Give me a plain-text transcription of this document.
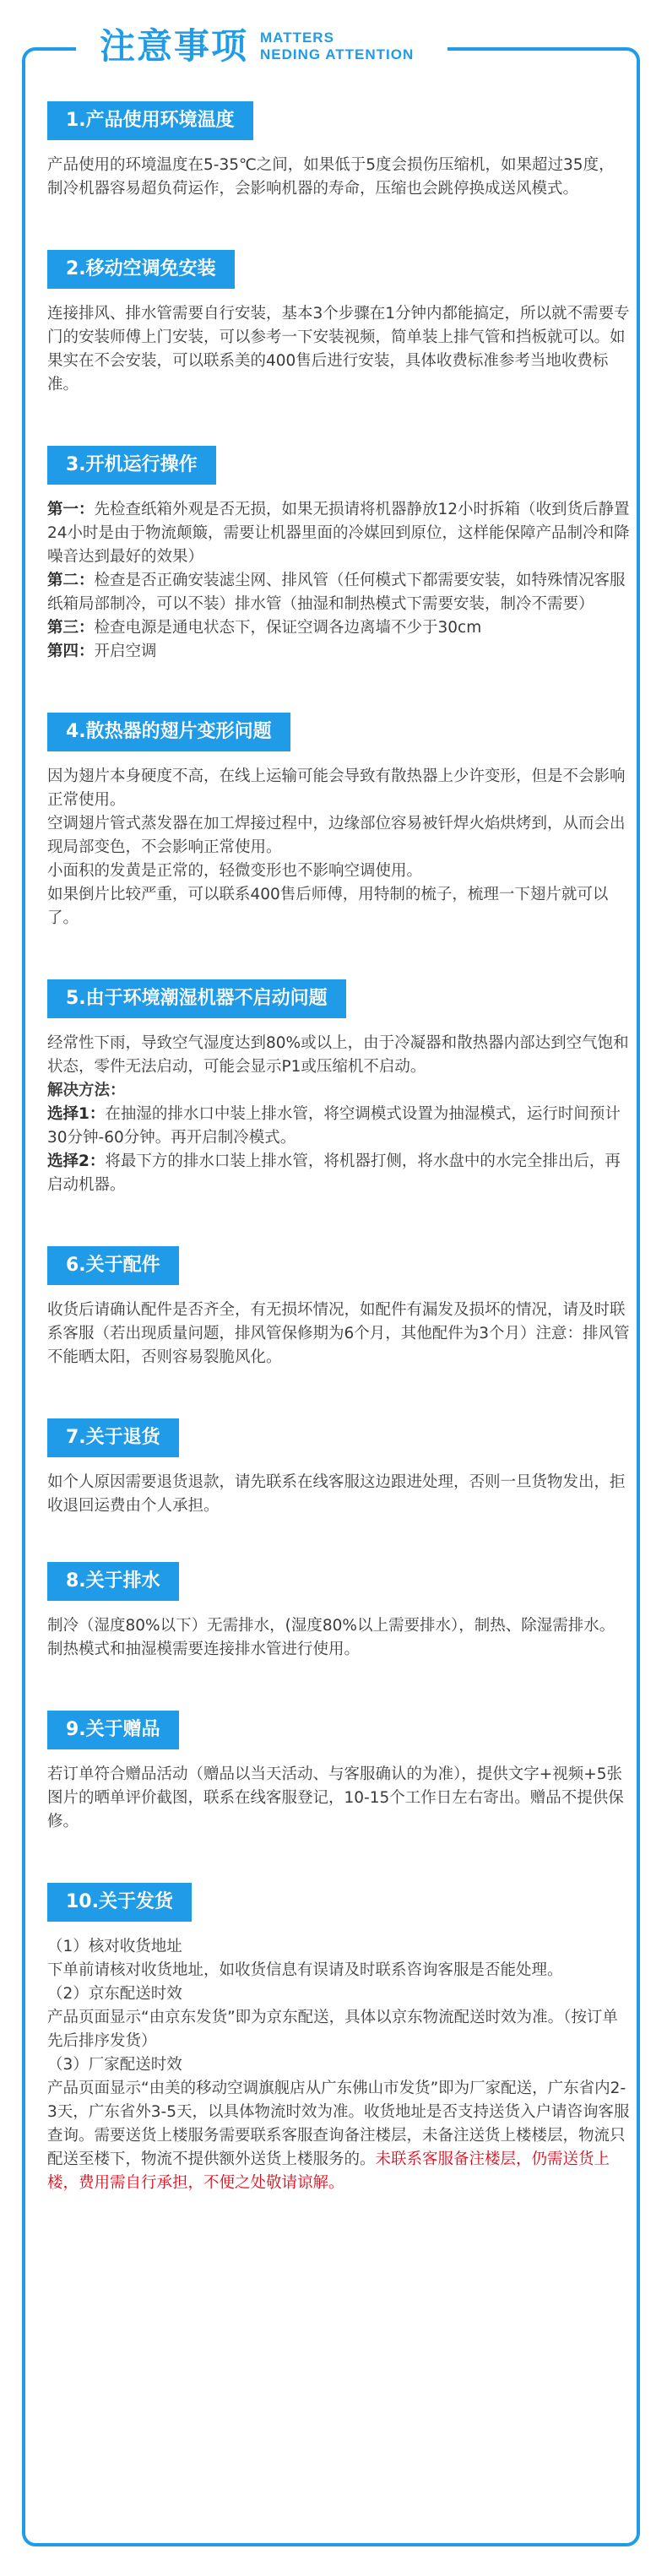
注意事项 MATTERS
NEDING ATTENTION
1.产品使用环境温度

产品使用的环境温度在5-35℃之间，如果低于5度会损伤压缩机，如果超过35度，制冷机器容易超负荷运作，会影响机器的寿命，压缩也会跳停换成送风模式。

2.移动空调免安装

连接排风、排水管需要自行安装，基本3个步骤在1分钟内都能搞定，所以就不需要专门的安装师傅上门安装，可以参考一下安装视频，简单装上排气管和挡板就可以。如果实在不会安装，可以联系美的400售后进行安装，具体收费标准参考当地收费标准。

3.开机运行操作

第一：先检查纸箱外观是否无损，如果无损请将机器静放12小时拆箱（收到货后静置24小时是由于物流颠簸，需要让机器里面的冷媒回到原位，这样能保障产品制冷和降噪音达到最好的效果）

第二：检查是否正确安装滤尘网、排风管（任何模式下都需要安装，如特殊情况客服纸箱局部制冷，可以不装）排水管（抽湿和制热模式下需要安装，制冷不需要）

第三：检查电源是通电状态下，保证空调各边离墙不少于30cm

第四：开启空调

4.散热器的翅片变形问题

因为翅片本身硬度不高，在线上运输可能会导致有散热器上少许变形，但是不会影响正常使用。

空调翅片管式蒸发器在加工焊接过程中，边缘部位容易被钎焊火焰烘烤到，从而会出现局部变色，不会影响正常使用。

小面积的发黄是正常的，轻微变形也不影响空调使用。

如果倒片比较严重，可以联系400售后师傅，用特制的梳子，梳理一下翅片就可以了。

5.由于环境潮湿机器不启动问题

经常性下雨，导致空气湿度达到80%或以上，由于冷凝器和散热器内部达到空气饱和状态，零件无法启动，可能会显示P1或压缩机不启动。

解决方法：

选择1：在抽湿的排水口中装上排水管，将空调模式设置为抽湿模式，运行时间预计30分钟-60分钟。再开启制冷模式。

选择2：将最下方的排水口装上排水管，将机器打侧，将水盘中的水完全排出后，再启动机器。

6.关于配件

收货后请确认配件是否齐全，有无损坏情况，如配件有漏发及损坏的情况，请及时联系客服（若出现质量问题，排风管保修期为6个月，其他配件为3个月）注意：排风管不能晒太阳，否则容易裂脆风化。

7.关于退货

如个人原因需要退货退款，请先联系在线客服这边跟进处理，否则一旦货物发出，拒收退回运费由个人承担。

8.关于排水

制冷（湿度80%以下）无需排水，(湿度80%以上需要排水），制热、除湿需排水。制热模式和抽湿模需要连接排水管进行使用。

9.关于赠品

若订单符合赠品活动（赠品以当天活动、与客服确认的为准），提供文字+视频+5张图片的晒单评价截图，联系在线客服登记，10-15个工作日左右寄出。赠品不提供保修。

10.关于发货

（1）核对收货地址

下单前请核对收货地址，如收货信息有误请及时联系咨询客服是否能处理。

（2）京东配送时效

产品页面显示“由京东发货”即为京东配送，具体以京东物流配送时效为准。（按订单先后排序发货）

（3）厂家配送时效

产品页面显示“由美的移动空调旗舰店从广东佛山市发货”即为厂家配送，广东省内2-3天，广东省外3-5天，以具体物流时效为准。收货地址是否支持送货入户请咨询客服查询。需要送货上楼服务需要联系客服查询备注楼层，未备注送货上楼楼层，物流只配送至楼下，物流不提供额外送货上楼服务的。未联系客服备注楼层，仍需送货上楼，费用需自行承担，不便之处敬请谅解。
